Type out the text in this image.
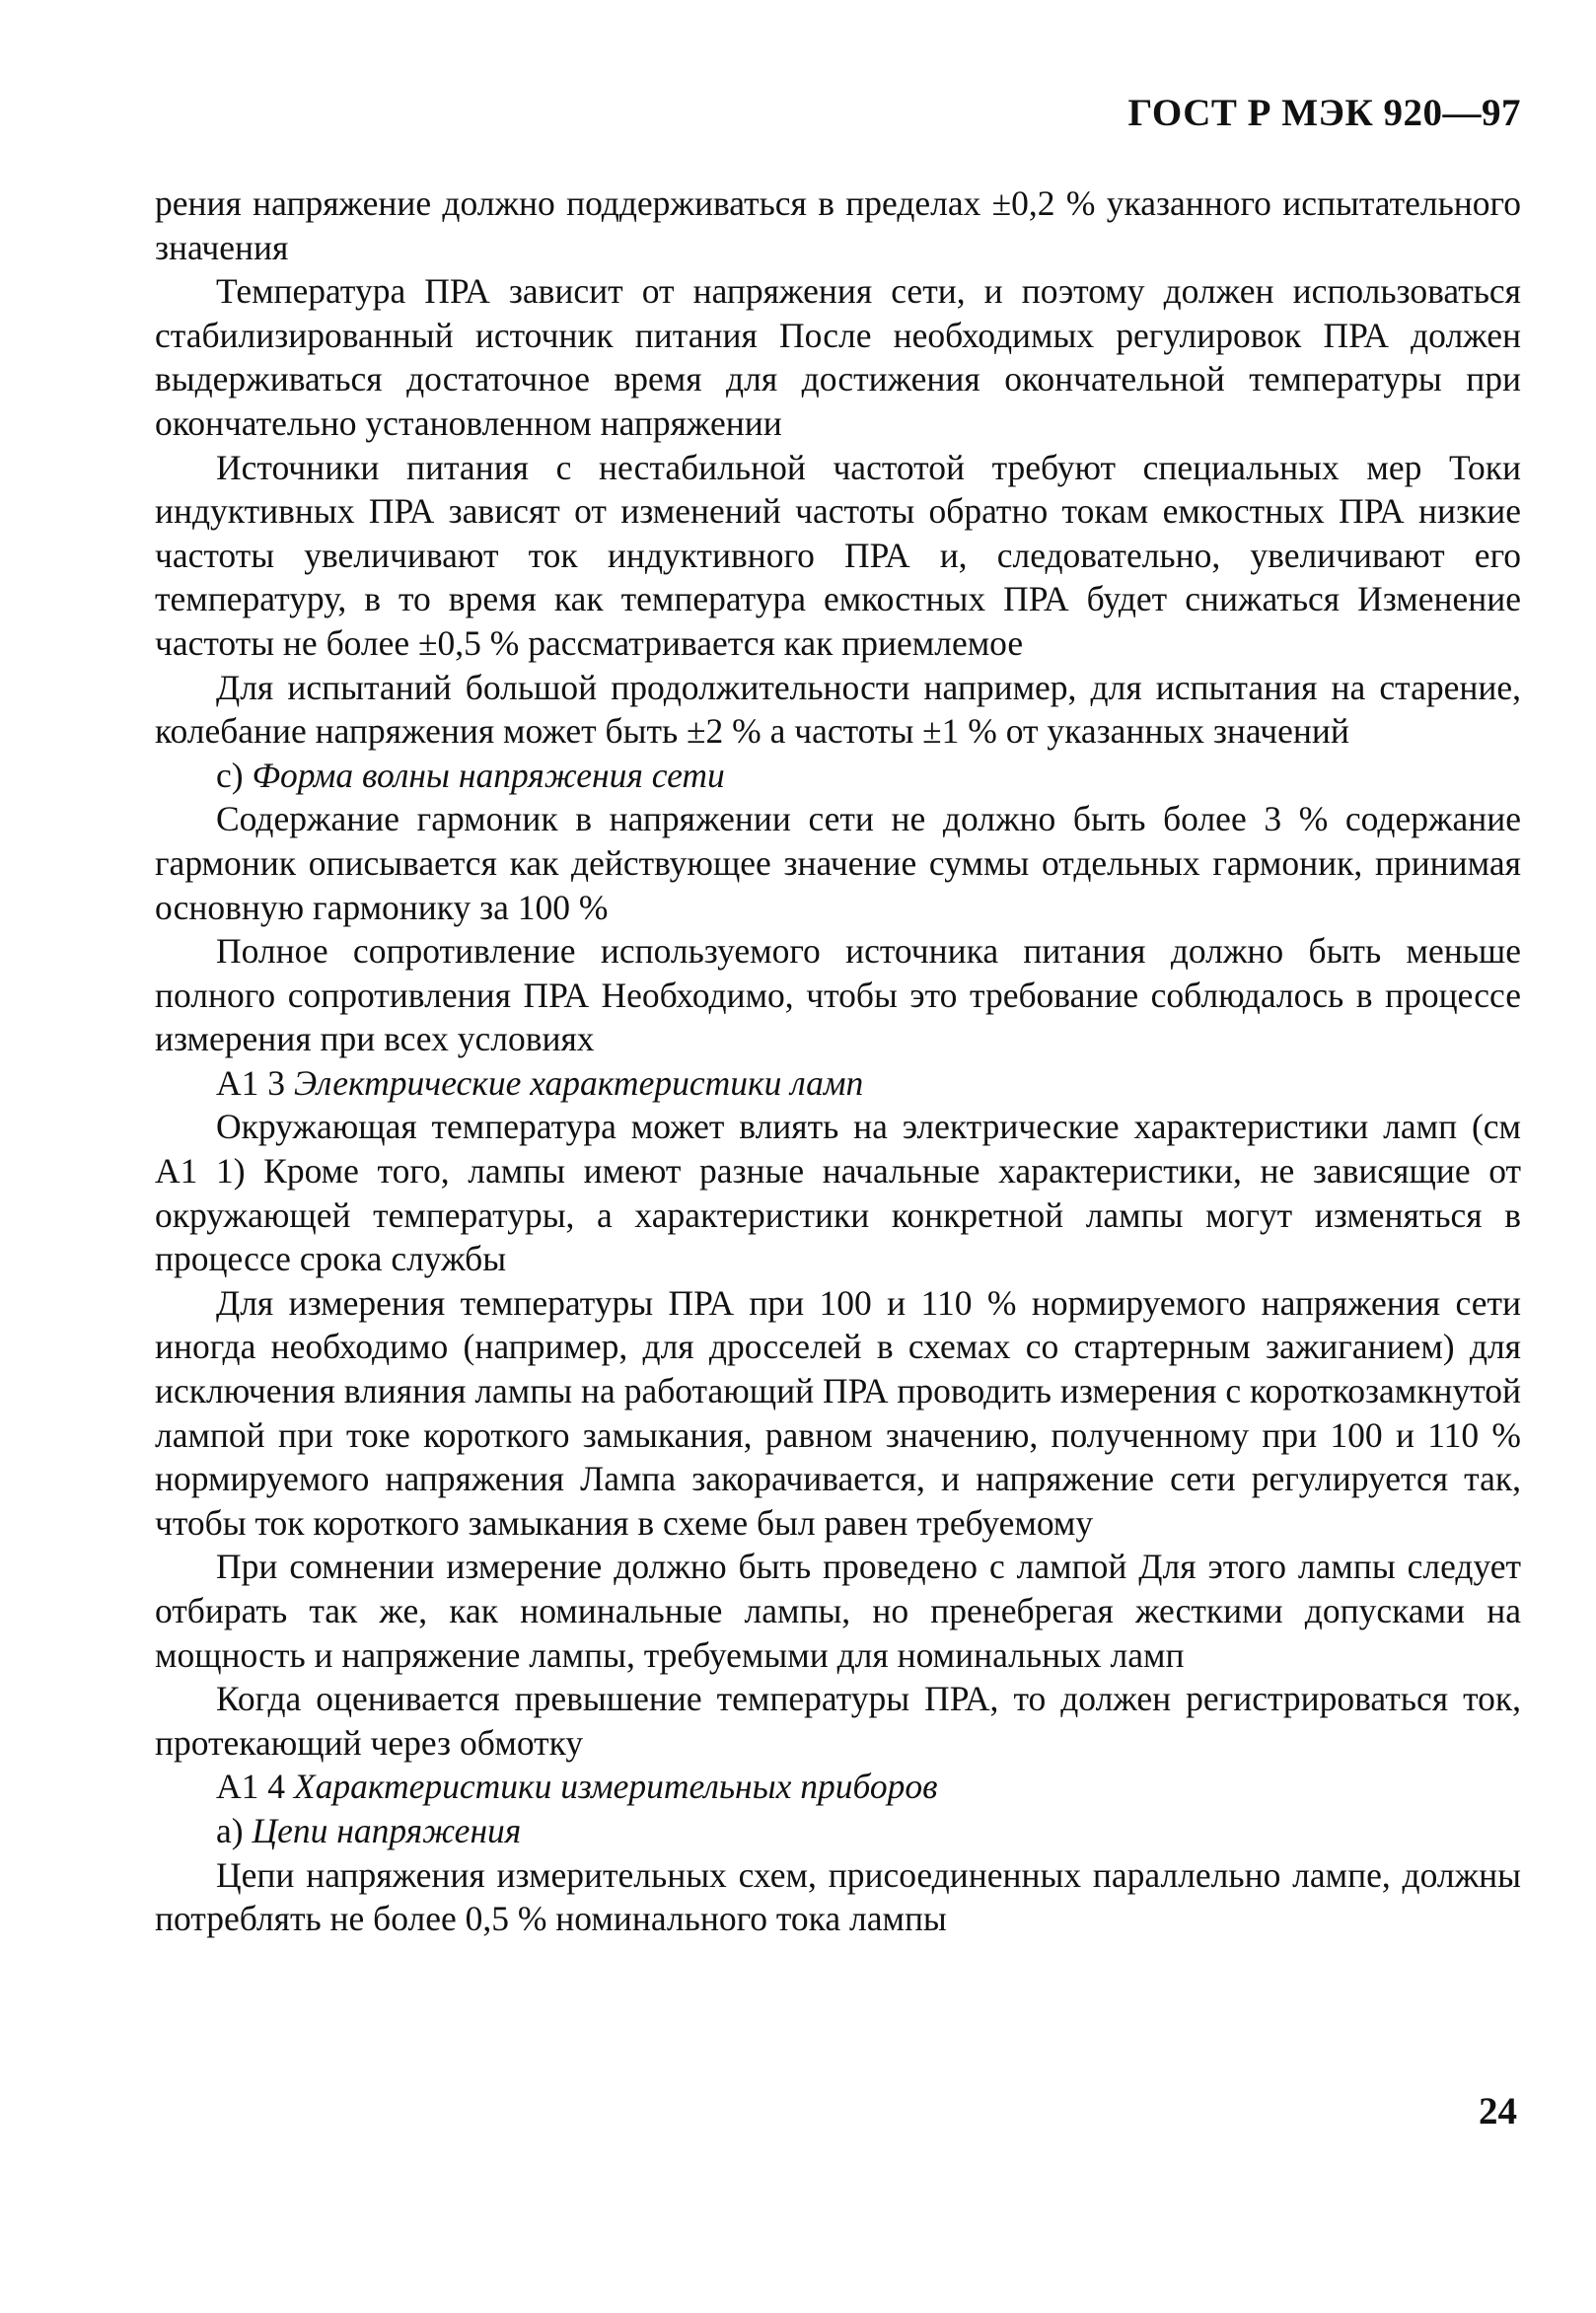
ГОСТ Р МЭК 920—97

рения напряжение должно поддерживаться в пределах ±0,2 % указанного испытательного значения

Температура ПРА зависит от напряжения сети, и поэтому должен использоваться стабилизированный источник питания После необходимых регулировок ПРА должен выдерживаться достаточное время для достижения окончательной температуры при окончательно установленном напряжении

Источники питания с нестабильной частотой требуют специальных мер Токи индуктивных ПРА зависят от изменений частоты обратно токам емкостных ПРА низкие частоты увеличивают ток индуктивного ПРА и, следовательно, увеличивают его температуру, в то время как температура емкостных ПРА будет снижаться Изменение частоты не более ±0,5 % рассматривается как приемлемое

Для испытаний большой продолжительности например, для испытания на старение, колебание напряжения может быть ±2 % а частоты ±1 % от указанных значений

с) Форма волны напряжения сети

Содержание гармоник в напряжении сети не должно быть более 3 % содержание гармоник описывается как действующее значение суммы отдельных гармоник, принимая основную гармонику за 100 %

Полное сопротивление используемого источника питания должно быть меньше полного сопротивления ПРА Необходимо, чтобы это требование соблюдалось в процессе измерения при всех условиях

А1 3 Электрические характеристики ламп

Окружающая температура может влиять на электрические характеристики ламп (см А1 1) Кроме того, лампы имеют разные начальные характеристики, не зависящие от окружающей температуры, а характеристики конкретной лампы могут изменяться в процессе срока службы

Для измерения температуры ПРА при 100 и 110 % нормируемого напряжения сети иногда необходимо (например, для дросселей в схемах со стартерным зажиганием) для исключения влияния лампы на работающий ПРА проводить измерения с короткозамкнутой лампой при токе короткого замыкания, равном значению, полученному при 100 и 110 % нормируемого напряжения Лампа закорачивается, и напряжение сети регулируется так, чтобы ток короткого замыкания в схеме был равен требуемому

При сомнении измерение должно быть проведено с лампой Для этого лампы следует отбирать так же, как номинальные лампы, но пренебрегая жесткими допусками на мощность и напряжение лампы, требуемыми для номинальных ламп

Когда оценивается превышение температуры ПРА, то должен регистрироваться ток, протекающий через обмотку

А1 4 Характеристики измерительных приборов

а) Цепи напряжения

Цепи напряжения измерительных схем, присоединенных параллельно лампе, должны потреблять не более 0,5 % номинального тока лампы

24
